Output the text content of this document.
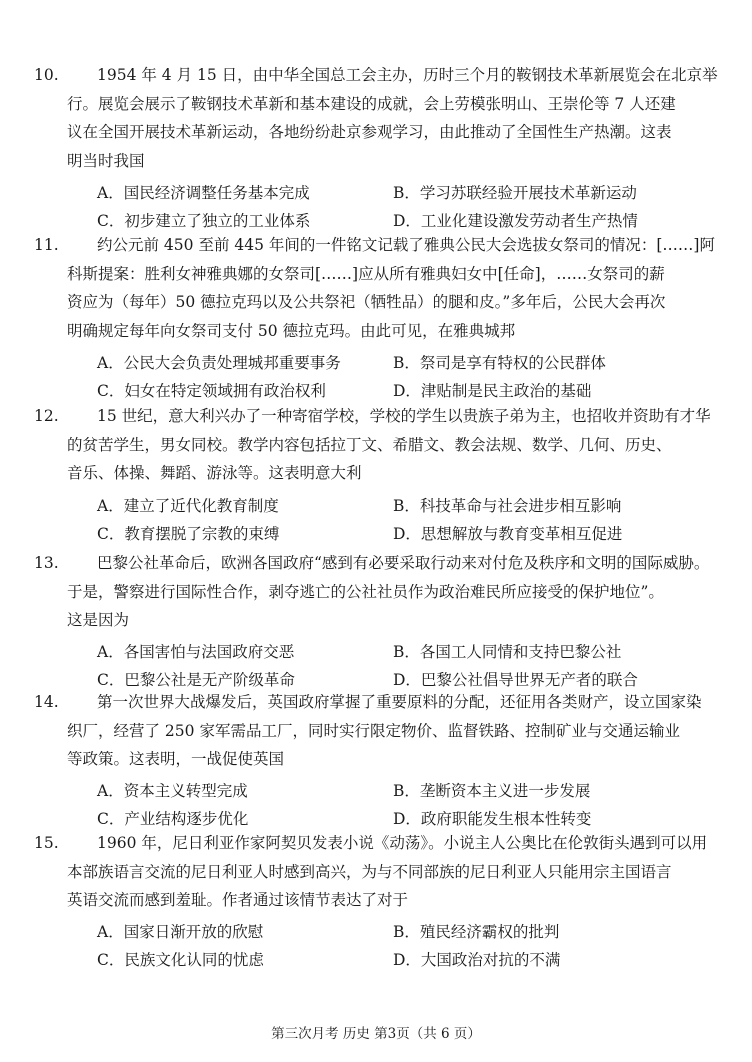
10. 1954 年 4 月 15 日，由中华全国总工会主办，历时三个月的鞍钢技术革新展览会在北京举
行。展览会展示了鞍钢技术革新和基本建设的成就，会上劳模张明山、王崇伦等 7 人还建
议在全国开展技术革新运动，各地纷纷赴京参观学习，由此推动了全国性生产热潮。这表
明当时我国
A．国民经济调整任务基本完成	B．学习苏联经验开展技术革新运动
C．初步建立了独立的工业体系	D．工业化建设激发劳动者生产热情
11. 约公元前 450 至前 445 年间的一件铭文记载了雅典公民大会选拔女祭司的情况：[……]阿
科斯提案：胜利女神雅典娜的女祭司[……]应从所有雅典妇女中[任命]，……女祭司的薪
资应为（每年）50 德拉克玛以及公共祭祀（牺牲品）的腿和皮。”多年后，公民大会再次
明确规定每年向女祭司支付 50 德拉克玛。由此可见，在雅典城邦
A．公民大会负责处理城邦重要事务	B．祭司是享有特权的公民群体
C．妇女在特定领域拥有政治权利	D．津贴制是民主政治的基础
12. 15 世纪，意大利兴办了一种寄宿学校，学校的学生以贵族子弟为主，也招收并资助有才华
的贫苦学生，男女同校。教学内容包括拉丁文、希腊文、教会法规、数学、几何、历史、
音乐、体操、舞蹈、游泳等。这表明意大利
A．建立了近代化教育制度	B．科技革命与社会进步相互影响
C．教育摆脱了宗教的束缚	D．思想解放与教育变革相互促进
13. 巴黎公社革命后，欧洲各国政府“感到有必要采取行动来对付危及秩序和文明的国际威胁。
于是，警察进行国际性合作，剥夺逃亡的公社社员作为政治难民所应接受的保护地位”。
这是因为
A．各国害怕与法国政府交恶	B．各国工人同情和支持巴黎公社
C．巴黎公社是无产阶级革命	D．巴黎公社倡导世界无产者的联合
14. 第一次世界大战爆发后，英国政府掌握了重要原料的分配，还征用各类财产，设立国家染
织厂，经营了 250 家军需品工厂，同时实行限定物价、监督铁路、控制矿业与交通运输业
等政策。这表明，一战促使英国
A．资本主义转型完成	B．垄断资本主义进一步发展
C．产业结构逐步优化	D．政府职能发生根本性转变
15. 1960 年，尼日利亚作家阿契贝发表小说《动荡》。小说主人公奥比在伦敦街头遇到可以用
本部族语言交流的尼日利亚人时感到高兴，为与不同部族的尼日利亚人只能用宗主国语言
英语交流而感到羞耻。作者通过该情节表达了对于
A．国家日渐开放的欣慰	B．殖民经济霸权的批判
C．民族文化认同的忧虑	D．大国政治对抗的不满
第三次月考 历史 第3页（共 6 页）
